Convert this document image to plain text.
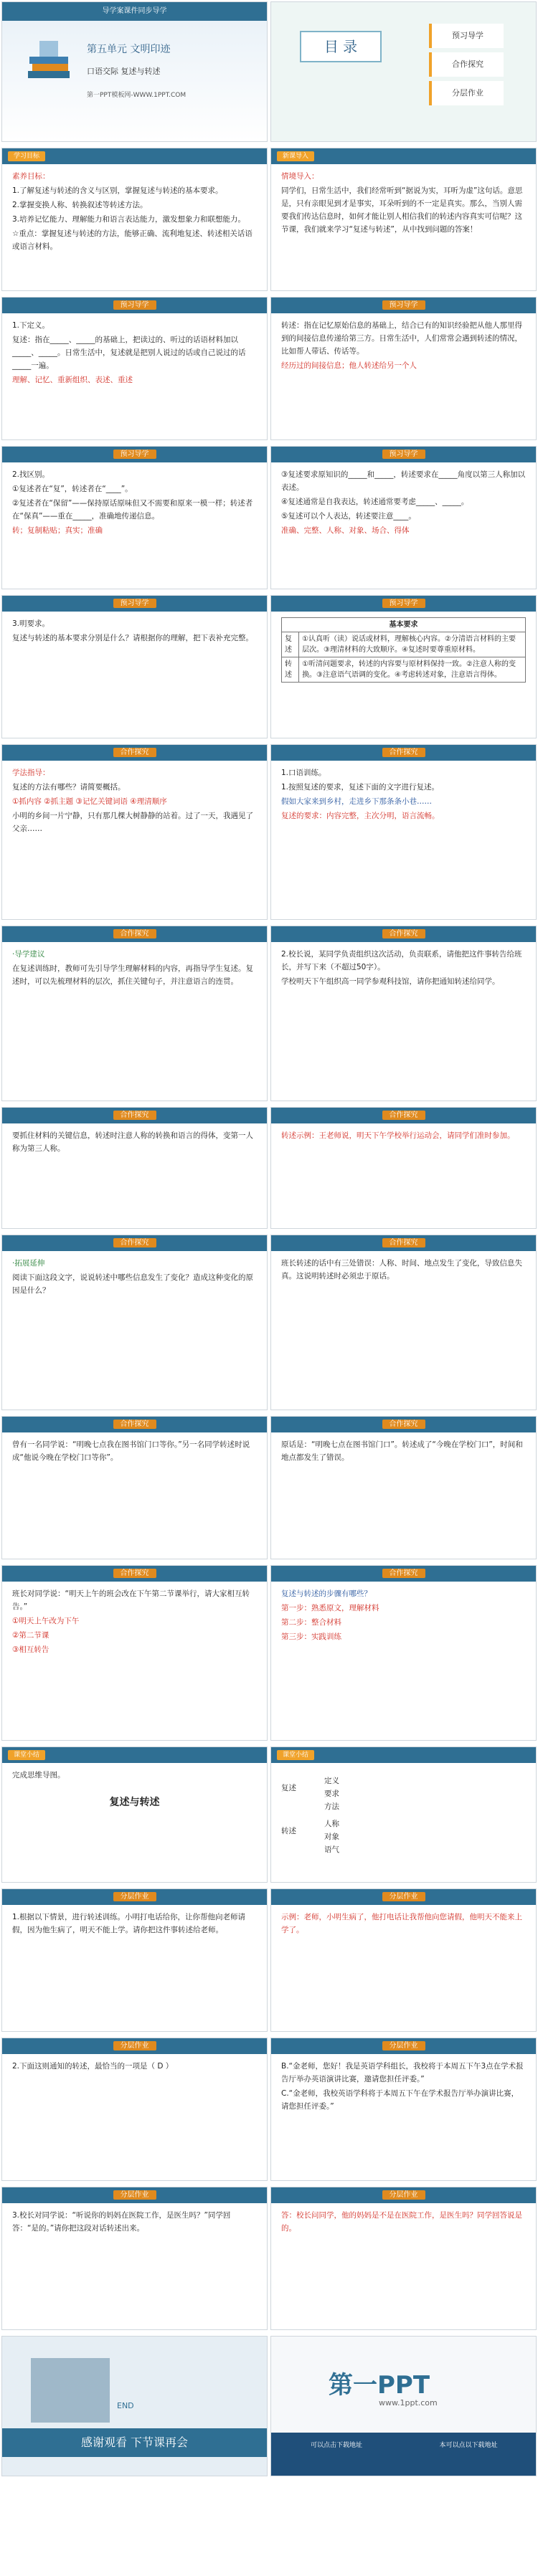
导学案课件同步导学
第五单元 文明印迹
口语交际 复述与转述
第一PPT模板网-WWW.1PPT.COM
目 录
预习导学
合作探究
分层作业
学习目标

素养目标：

1.了解复述与转述的含义与区别，掌握复述与转述的基本要求。

2.掌握变换人称、转换叙述等转述方法。

3.培养记忆能力、理解能力和语言表达能力，激发想象力和联想能力。

☆重点：掌握复述与转述的方法，能够正确、流利地复述、转述相关话语或语言材料。

新课导入

情境导入：

同学们，日常生活中，我们经常听到“据说为实，耳听为虚”这句话。意思是，只有亲眼见到才是事实，耳朵听到的不一定是真实。那么，当别人需要我们传达信息时，如何才能让别人相信我们的转述内容真实可信呢？这节课，我们就来学习“复述与转述”，从中找到问题的答案！

预习导学

1.下定义。

复述：指在_____、_____的基础上，把读过的、听过的话语材料加以_____、_____。日常生活中，复述就是把别人说过的话或自己说过的话_____一遍。

理解、记忆、重新组织、表述、重述

预习导学

转述：指在记忆原始信息的基础上，结合已有的知识经验把从他人那里得到的间接信息传递给第三方。日常生活中，人们常常会遇到转述的情况，比如帮人带话、传话等。

经历过的间接信息；他人转述给另一个人

预习导学

2.找区别。

①复述者在“复”，转述者在“____”。

②复述者在“保留”——保持原话原味但又不需要和原来一模一样；转述者在“保真”——重在_____，准确地传递信息。

转；复制粘贴；真实；准确

预习导学

③复述要求原知识的_____和_____，转述要求在_____角度以第三人称加以表述。

④复述通常是自我表达，转述通常要考虑_____、_____。

⑤复述可以个人表达，转述要注意____。

准确、完整、人称、对象、场合、得体

预习导学

3.明要求。

复述与转述的基本要求分别是什么？请根据你的理解，把下表补充完整。

预习导学
基本要求	
复述	①认真听（读）说话或材料，理解核心内容。②分清语言材料的主要层次。③理清材料的大致顺序。④复述时要尊重原材料。
转述	①听清问题要求，转述的内容要与原材料保持一致。②注意人称的变换。③注意语气语调的变化。④考虑转述对象，注意语言得体。
合作探究

学法指导：

复述的方法有哪些？请简要概括。

①抓内容 ②抓主题 ③记忆关键词语 ④理清顺序

小明的乡间一片宁静，只有那几棵大树静静的站着。过了一天，我遇见了父亲……

合作探究

1.口语训练。

1.按照复述的要求，复述下面的文字进行复述。

假如大家来到乡村，走进乡下那条条小巷……

复述的要求：内容完整，主次分明，语言流畅。

合作探究

·导学建议

在复述训练时，教师可先引导学生理解材料的内容，再指导学生复述。复述时，可以先梳理材料的层次，抓住关键句子，并注意语言的连贯。

合作探究

2.校长说，某同学负责组织这次活动，负责联系，请他把这件事转告给班长，并写下来（不超过50字）。

学校明天下午组织高一同学参观科技馆，请你把通知转述给同学。

合作探究

要抓住材料的关键信息，转述时注意人称的转换和语言的得体，变第一人称为第三人称。

合作探究

转述示例：王老师说，明天下午学校举行运动会，请同学们准时参加。

合作探究

·拓展延伸

阅读下面这段文字，说说转述中哪些信息发生了变化？造成这种变化的原因是什么？

合作探究

班长转述的话中有三处错误：人称、时间、地点发生了变化，导致信息失真。这说明转述时必须忠于原话。

合作探究

曾有一名同学说：“明晚七点我在图书馆门口等你。”另一名同学转述时说成“他说今晚在学校门口等你”。

合作探究

原话是：“明晚七点在图书馆门口”。转述成了“今晚在学校门口”，时间和地点都发生了错误。

合作探究

班长对同学说：“明天上午的班会改在下午第二节课举行，请大家相互转告。”

①明天上午改为下午

②第二节课

③相互转告

合作探究

复述与转述的步骤有哪些？

第一步：熟悉原文，理解材料

第二步：整合材料

第三步：实践训练

课堂小结

完成思维导图。

复述与转述

课堂小结
复述
转述
定义
要求
方法
人称
对象
语气
分层作业

1.根据以下情景，进行转述训练。小明打电话给你，让你帮他向老师请假，因为他生病了，明天不能上学。请你把这件事转述给老师。

分层作业

示例：老师，小明生病了，他打电话让我帮他向您请假，他明天不能来上学了。

分层作业

2.下面这则通知的转述，最恰当的一项是（ D ）

分层作业

B.“金老师，您好！我是英语学科组长，我校将于本周五下午3点在学术报告厅举办英语演讲比赛，邀请您担任评委。”

C.“金老师，我校英语学科将于本周五下午在学术报告厅举办演讲比赛，请您担任评委。”

分层作业

3.校长对同学说：“听说你的妈妈在医院工作，是医生吗？”同学回答：“是的。”请你把这段对话转述出来。

分层作业

答：校长问同学，他的妈妈是不是在医院工作，是医生吗？同学回答说是的。

END
感谢观看 下节课再会
第一PPT
www.1ppt.com
可以点击下载地址	本可以点以下载地址
